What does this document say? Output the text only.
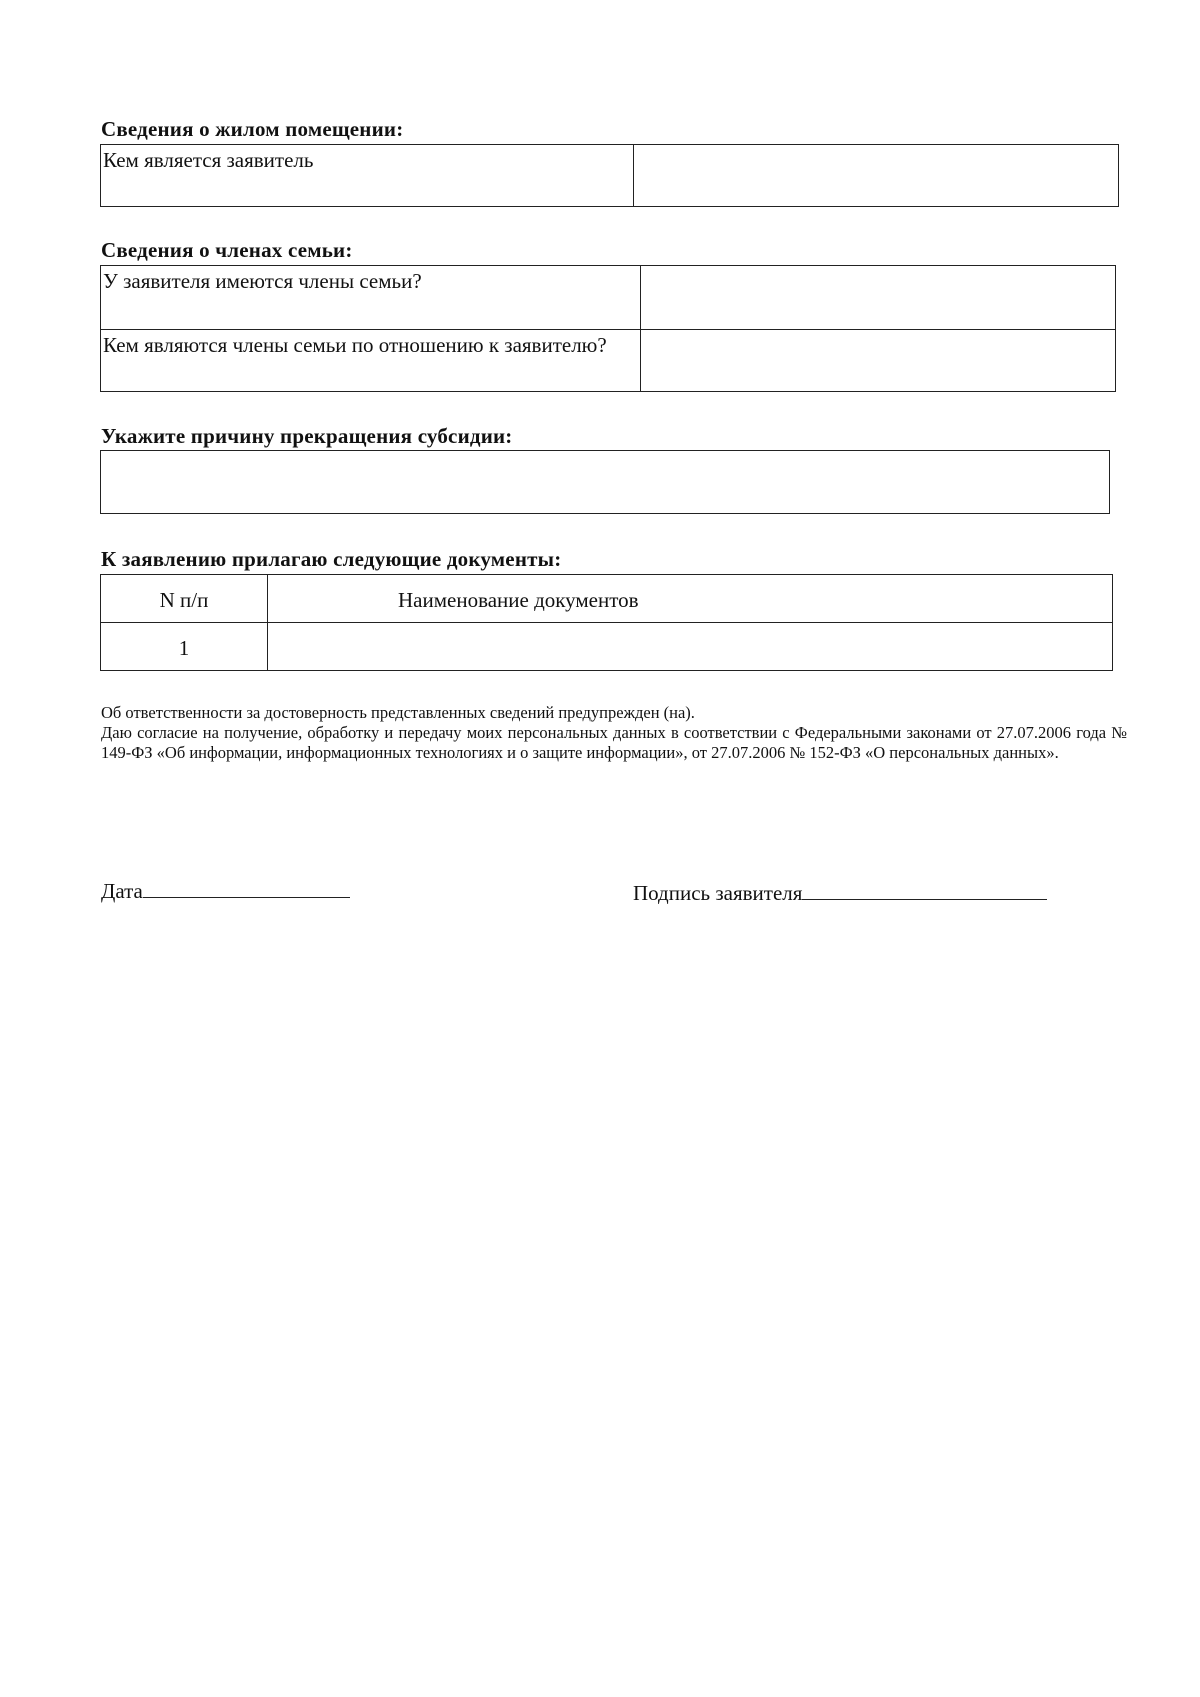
Сведения о жилом помещении:
Кем является заявитель	
Сведения о членах семьи:
У заявителя имеются члены семьи?	
Кем являются члены семьи по отношению к заявителю?	
Укажите причину прекращения субсидии:
К заявлению прилагаю следующие документы:
N п/п	Наименование документов
1	

Об ответственности за достоверность представленных сведений предупрежден (на).

Даю согласие на получение, обработку и передачу моих персональных данных в соответствии с Федеральными законами от 27.07.2006 года № 149-ФЗ «Об информации, информационных технологиях и о защите информации», от 27.07.2006 № 152-ФЗ «О персональных данных».

Дата	Подпись заявителя
